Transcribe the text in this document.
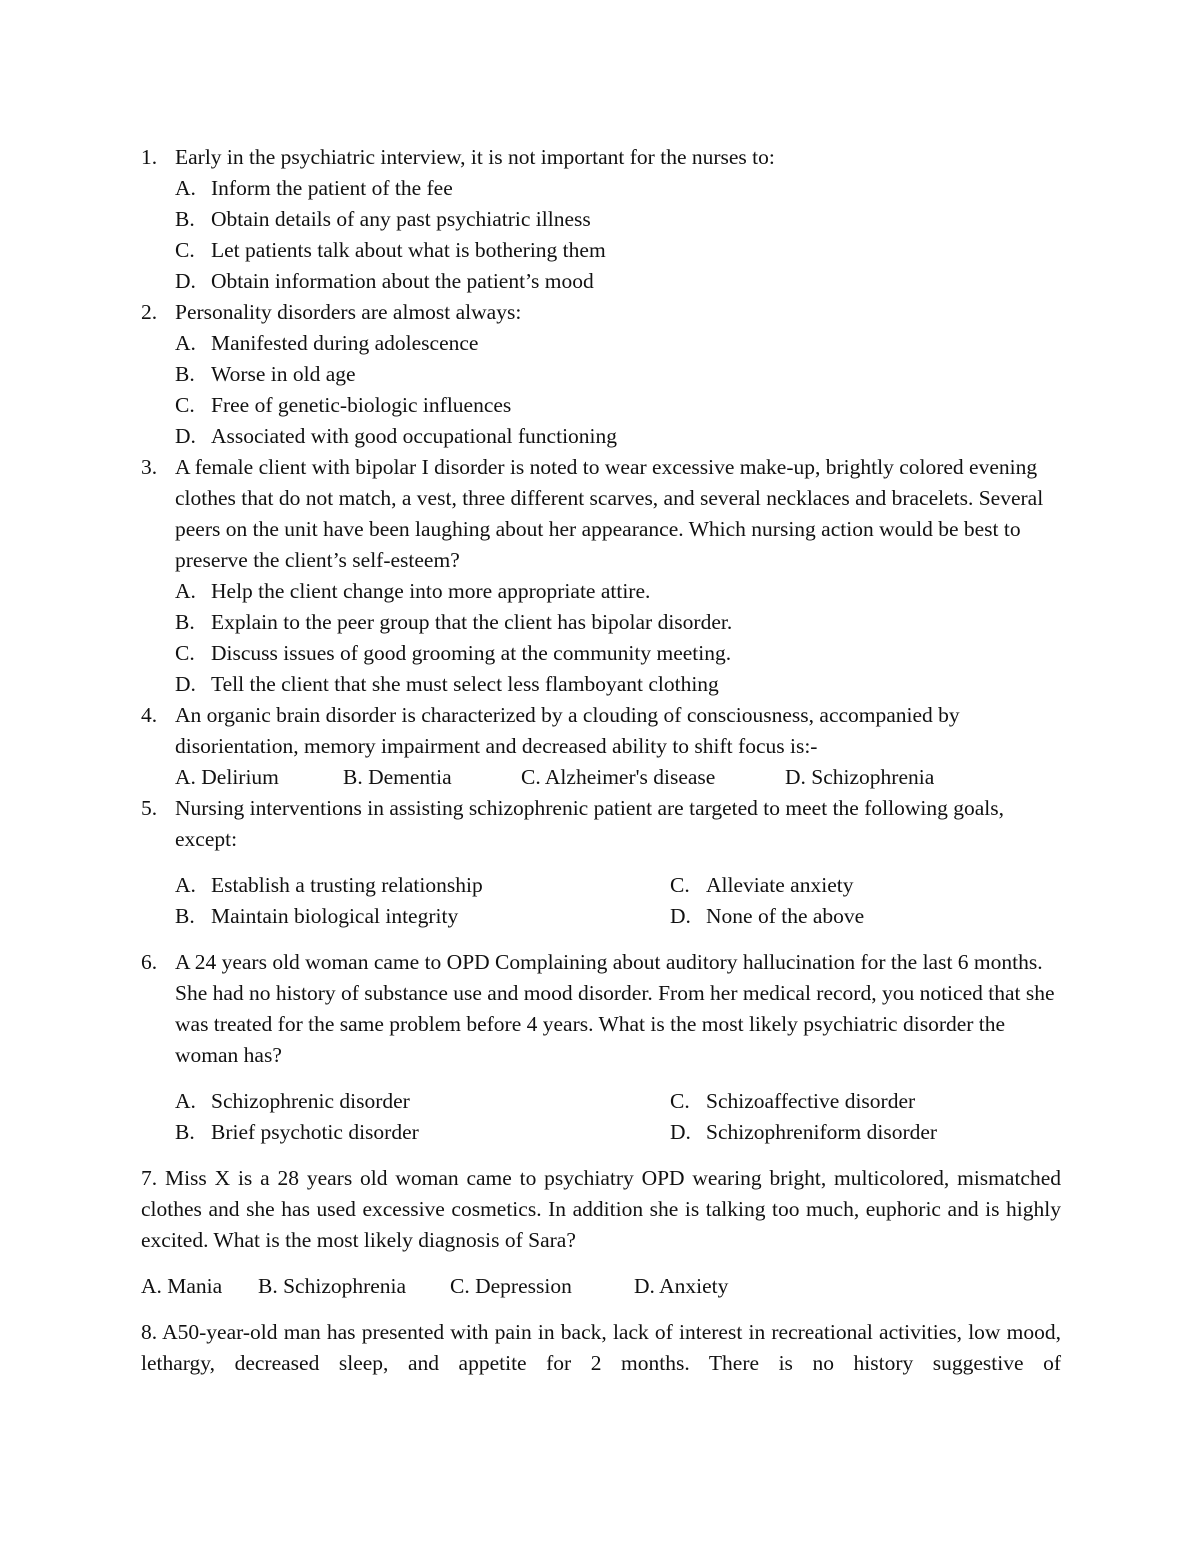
1. Early in the psychiatric interview, it is not important for the nurses to:
A. Inform the patient of the fee
B. Obtain details of any past psychiatric illness
C. Let patients talk about what is bothering them
D. Obtain information about the patient’s mood
2. Personality disorders are almost always:
A. Manifested during adolescence
B. Worse in old age
C. Free of genetic-biologic influences
D. Associated with good occupational functioning
3. A female client with bipolar I disorder is noted to wear excessive make-up, brightly colored evening clothes that do not match, a vest, three different scarves, and several necklaces and bracelets. Several peers on the unit have been laughing about her appearance. Which nursing action would be best to preserve the client’s self-esteem?
A. Help the client change into more appropriate attire.
B. Explain to the peer group that the client has bipolar disorder.
C. Discuss issues of good grooming at the community meeting.
D. Tell the client that she must select less flamboyant clothing
4. An organic brain disorder is characterized by a clouding of consciousness, accompanied by disorientation, memory impairment and decreased ability to shift focus is:-
A. Delirium	B. Dementia	C. Alzheimer's disease	D. Schizophrenia
5. Nursing interventions in assisting schizophrenic patient are targeted to meet the following goals, except:
A. Establish a trusting relationship	C. Alleviate anxiety
B. Maintain biological integrity	D. None of the above
6. A 24 years old woman came to OPD Complaining about auditory hallucination for the last 6 months. She had no history of substance use and mood disorder. From her medical record, you noticed that she was treated for the same problem before 4 years. What is the most likely psychiatric disorder the woman has?
A. Schizophrenic disorder	C. Schizoaffective disorder
B. Brief psychotic disorder	D. Schizophreniform disorder
7. Miss X is a 28 years old woman came to psychiatry OPD wearing bright, multicolored, mismatched clothes and she has used excessive cosmetics. In addition she is talking too much, euphoric and is highly excited. What is the most likely diagnosis of Sara?
A. Mania B. Schizophrenia C. Depression	D. Anxiety
8. A50-year-old man has presented with pain in back, lack of interest in recreational activities, low mood, lethargy, decreased sleep, and appetite for 2 months. There is no history suggestive of
